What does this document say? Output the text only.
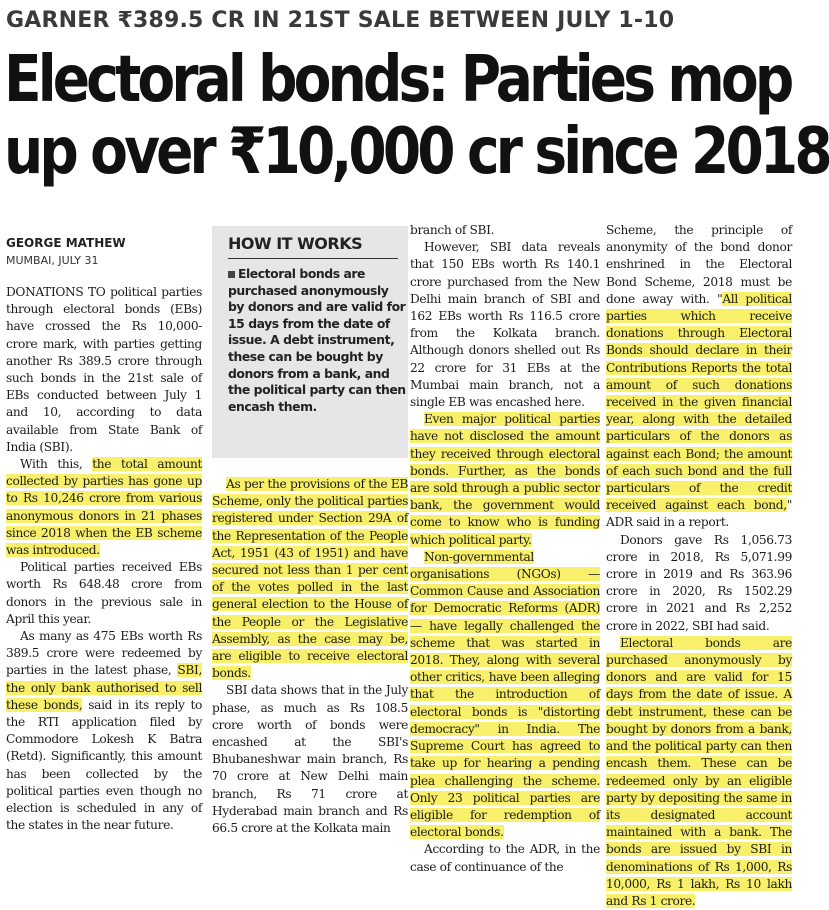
GARNER ₹389.5 CR IN 21ST SALE BETWEEN JULY 1-10
Electoral bonds: Parties mop
up over ₹10,000 cr since 2018
GEORGE MATHEW
MUMBAI, JULY 31

DONATIONS TO political parties through electoral bonds (EBs) have crossed the Rs 10,000-crore mark, with parties getting another Rs 389.5 crore through such bonds in the 21st sale of EBs conducted between July 1 and 10, according to data available from State Bank of India (SBI).

With this, the total amount collected by parties has gone up to Rs 10,246 crore from various anonymous donors in 21 phases since 2018 when the EB scheme was introduced.

Political parties received EBs worth Rs 648.48 crore from donors in the previous sale in April this year.

As many as 475 EBs worth Rs 389.5 crore were redeemed by parties in the latest phase, SBI, the only bank authorised to sell these bonds, said in its reply to the RTI application filed by Commodore Lokesh K Batra (Retd). Significantly, this amount has been collected by the political parties even though no election is scheduled in any of the states in the near future.

HOW IT WORKS
Electoral bonds are purchased anonymously by donors and are valid for 15 days from the date of issue. A debt instrument, these can be bought by donors from a bank, and the political party can then encash them.

As per the provisions of the EB Scheme, only the political parties registered under Section 29A of the Representation of the People Act, 1951 (43 of 1951) and have secured not less than 1 per cent of the votes polled in the last general election to the House of the People or the Legislative Assembly, as the case may be, are eligible to receive electoral bonds.

SBI data shows that in the July phase, as much as Rs 108.5 crore worth of bonds were encashed at the SBI's Bhubaneshwar main branch, Rs 70 crore at New Delhi main branch, Rs 71 crore at Hyderabad main branch and Rs 66.5 crore at the Kolkata main

branch of SBI.

However, SBI data reveals that 150 EBs worth Rs 140.1 crore purchased from the New Delhi main branch of SBI and 162 EBs worth Rs 116.5 crore from the Kolkata branch. Although donors shelled out Rs 22 crore for 31 EBs at the Mumbai main branch, not a single EB was encashed here.

Even major political parties have not disclosed the amount they received through electoral bonds. Further, as the bonds are sold through a public sector bank, the government would come to know who is funding which political party.

Non-governmental organisations (NGOs) — Common Cause and Association for Democratic Reforms (ADR) — have legally challenged the scheme that was started in 2018. They, along with several other critics, have been alleging that the introduction of electoral bonds is "distorting democracy" in India. The Supreme Court has agreed to take up for hearing a pending plea challenging the scheme. Only 23 political parties are eligible for redemption of electoral bonds.

According to the ADR, in the case of continuance of the

Scheme, the principle of anonymity of the bond donor enshrined in the Electoral Bond Scheme, 2018 must be done away with. "All political parties which receive donations through Electoral Bonds should declare in their Contributions Reports the total amount of such donations received in the given financial year, along with the detailed particulars of the donors as against each Bond; the amount of each such bond and the full particulars of the credit received against each bond," ADR said in a report.

Donors gave Rs 1,056.73 crore in 2018, Rs 5,071.99 crore in 2019 and Rs 363.96 crore in 2020, Rs 1502.29 crore in 2021 and Rs 2,252 crore in 2022, SBI had said.

Electoral bonds are purchased anonymously by donors and are valid for 15 days from the date of issue. A debt instrument, these can be bought by donors from a bank, and the political party can then encash them. These can be redeemed only by an eligible party by depositing the same in its designated account maintained with a bank. The bonds are issued by SBI in denominations of Rs 1,000, Rs 10,000, Rs 1 lakh, Rs 10 lakh and Rs 1 crore.
